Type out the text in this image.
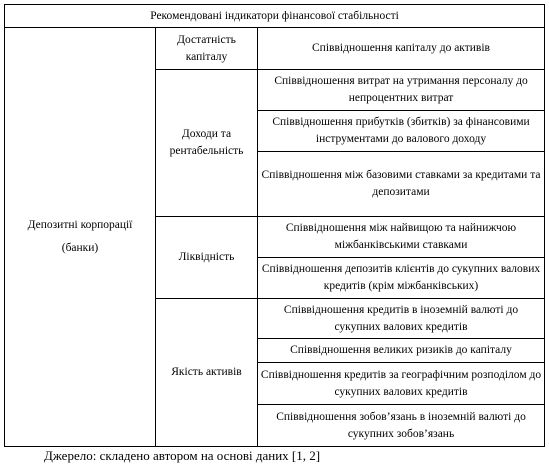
Рекомендовані індикатори фінансової стабільності		

Депозитні корпорації
(банки)	Достатність капіталу	Співвідношення капіталу до активів
	Доходи та рентабельність	Співвідношення витрат на утримання персоналу до непроцентних витрат
		Співвідношення прибутків (збитків) за фінансовими інструментами до валового доходу
		Співвідношення між базовими ставками за кредитами та депозитами
	Ліквідність	Співвідношення між найвищою та найнижчою міжбанківськими ставками
		Співвідношення депозитів клієнтів до сукупних валових кредитів (крім міжбанківських)
	Якість активів	Співвідношення кредитів в іноземній валюті до сукупних валових кредитів
		Співвідношення великих ризиків до капіталу
		Співвідношення кредитів за географічним розподілом до сукупних валових кредитів
		Співвідношення зобов’язань в іноземній валюті до сукупних зобов’язань
Джерело: складено автором на основі даних [1, 2]
